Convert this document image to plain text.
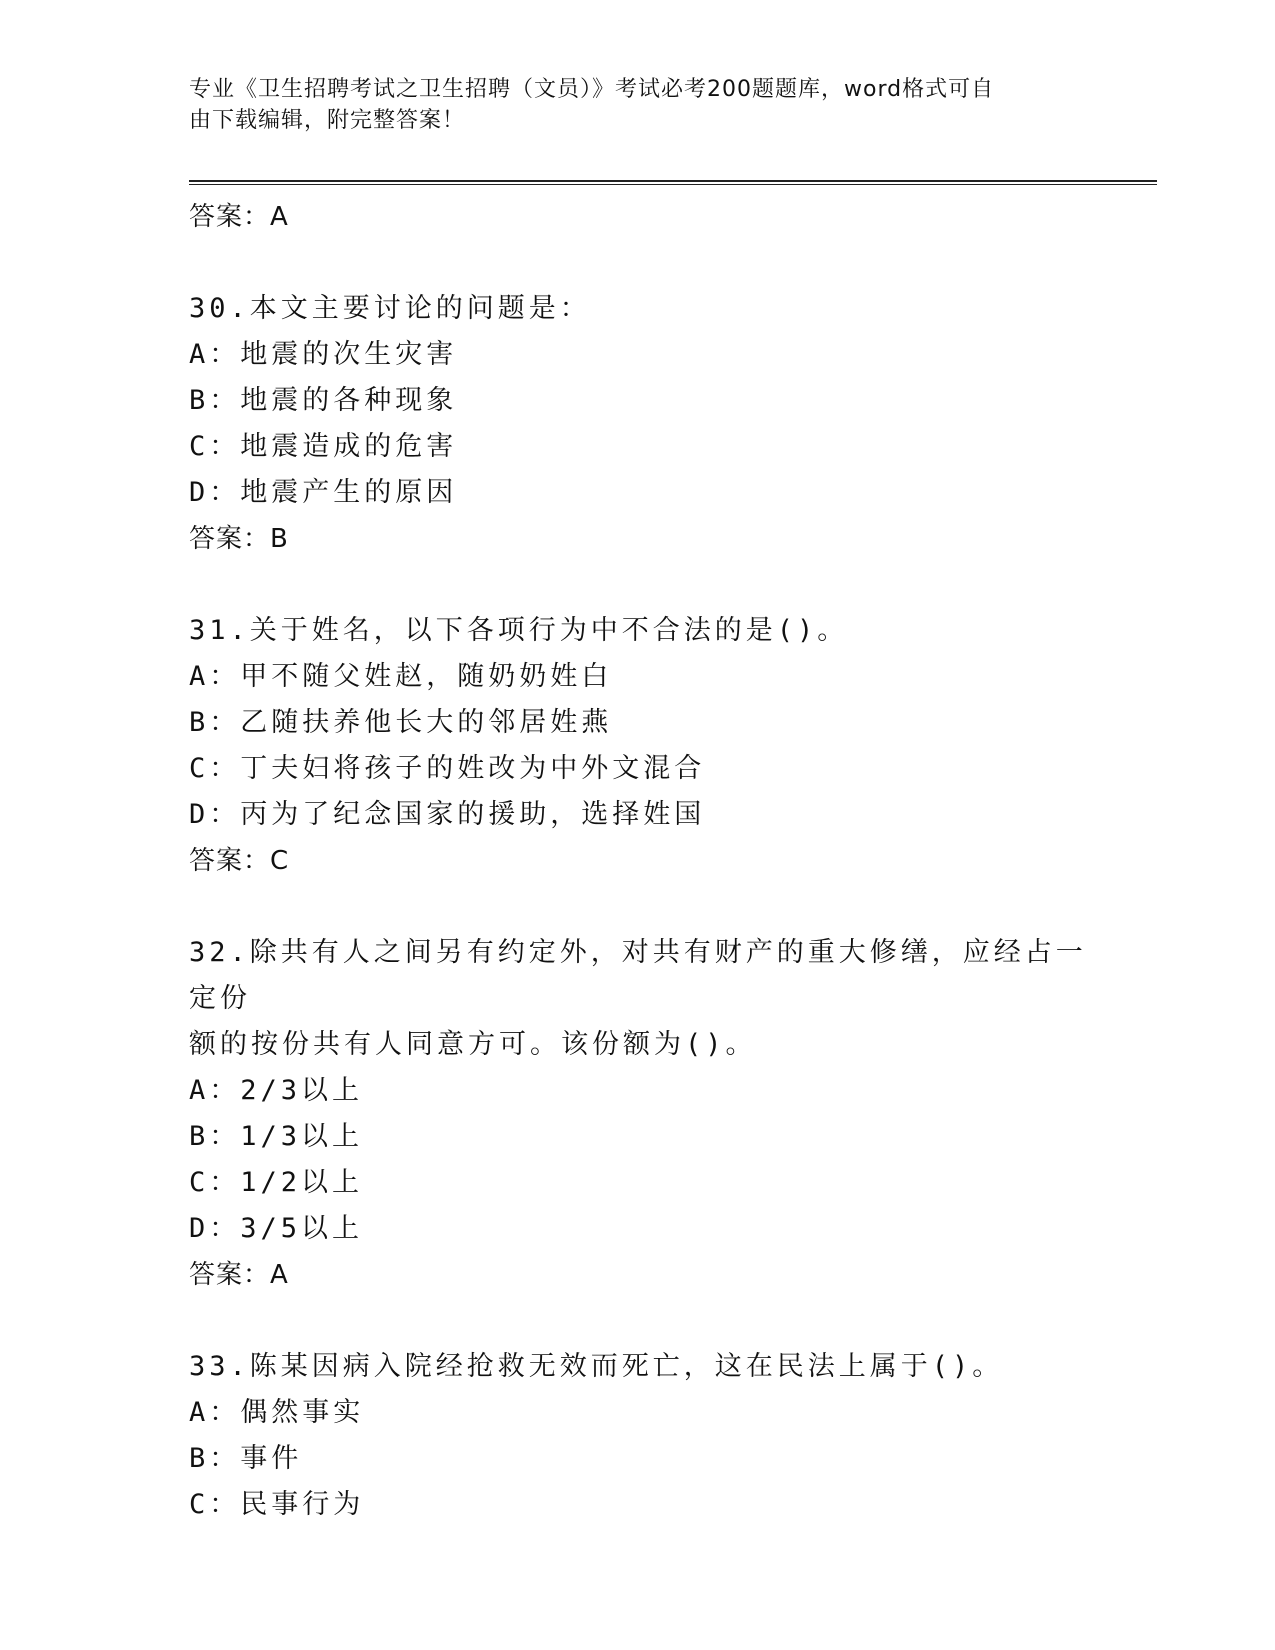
专业《卫生招聘考试之卫生招聘（文员）》考试必考200题题库，word格式可自
由下载编辑，附完整答案！
答案：A
30.本文主要讨论的问题是：
A：地震的次生灾害
B：地震的各种现象
C：地震造成的危害
D：地震产生的原因
答案：B
31.关于姓名，以下各项行为中不合法的是()。
A：甲不随父姓赵，随奶奶姓白
B：乙随扶养他长大的邻居姓燕
C：丁夫妇将孩子的姓改为中外文混合
D：丙为了纪念国家的援助，选择姓国
答案：C
32.除共有人之间另有约定外，对共有财产的重大修缮，应经占一定份
额的按份共有人同意方可。该份额为()。
A：2/3以上
B：1/3以上
C：1/2以上
D：3/5以上
答案：A
33.陈某因病入院经抢救无效而死亡，这在民法上属于()。
A：偶然事实
B：事件
C：民事行为
